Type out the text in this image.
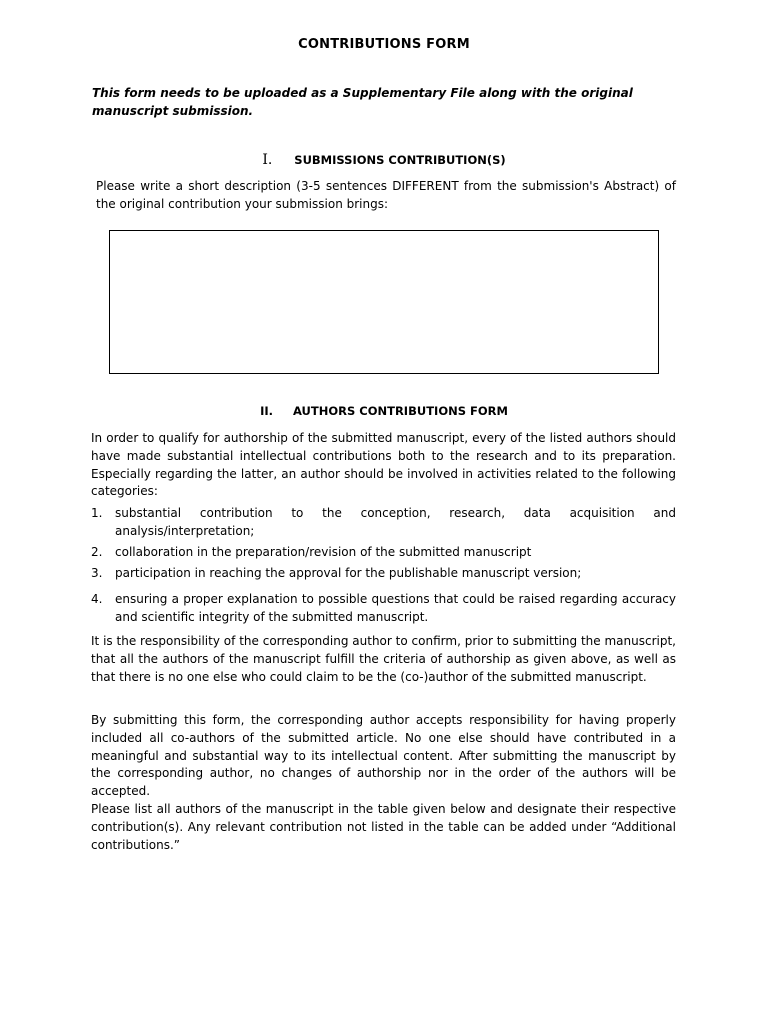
CONTRIBUTIONS FORM
This form needs to be uploaded as a Supplementary File along with the original manuscript submission.
I. SUBMISSIONS CONTRIBUTION(S)
Please write a short description (3-5 sentences DIFFERENT from the submission's Abstract) of the original contribution your submission brings:
II. AUTHORS CONTRIBUTIONS FORM
In order to qualify for authorship of the submitted manuscript, every of the listed authors should have made substantial intellectual contributions both to the research and to its preparation. Especially regarding the latter, an author should be involved in activities related to the following categories:
1.	substantial contribution to the conception, research, data acquisition and analysis/interpretation;
2.	collaboration in the preparation/revision of the submitted manuscript
3.	participation in reaching the approval for the publishable manuscript version;
4.	ensuring a proper explanation to possible questions that could be raised regarding accuracy and scientific integrity of the submitted manuscript.
It is the responsibility of the corresponding author to confirm, prior to submitting the manuscript, that all the authors of the manuscript fulfill the criteria of authorship as given above, as well as that there is no one else who could claim to be the (co-)author of the submitted manuscript.
By submitting this form, the corresponding author accepts responsibility for having properly included all co-authors of the submitted article. No one else should have contributed in a meaningful and substantial way to its intellectual content. After submitting the manuscript by the corresponding author, no changes of authorship nor in the order of the authors will be accepted.
Please list all authors of the manuscript in the table given below and designate their respective contribution(s). Any relevant contribution not listed in the table can be added under “Additional contributions.”
